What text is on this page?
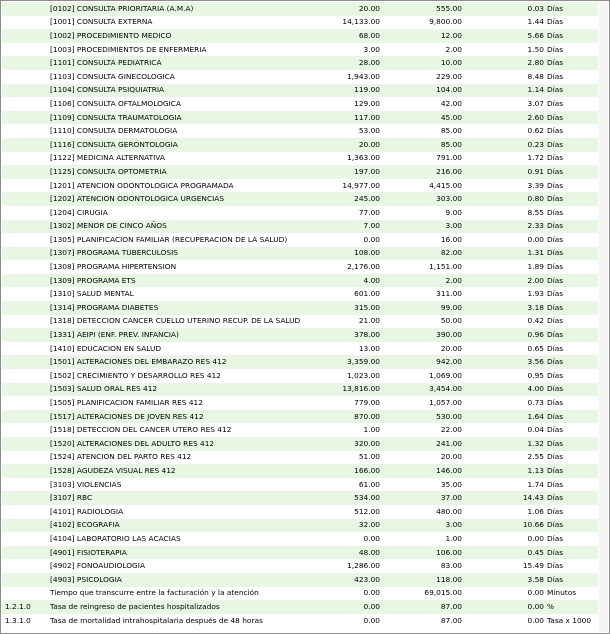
	[0102] CONSULTA PRIORITARIA (A.M.A)	20.00	555.00	0.03	Días
	[1001] CONSULTA EXTERNA	14,133.00	9,800.00	1.44	Días
	[1002] PROCEDIMIENTO MEDICO	68.00	12.00	5.66	Días
	[1003] PROCEDIMIENTOS DE ENFERMERIA	3.00	2.00	1.50	Días
	[1101] CONSULTA PEDIATRICA	28.00	10.00	2.80	Días
	[1103] CONSULTA GINECOLOGICA	1,943.00	229.00	8.48	Días
	[1104] CONSULTA PSIQUIATRIA	119.00	104.00	1.14	Días
	[1106] CONSULTA OFTALMOLOGICA	129.00	42.00	3.07	Días
	[1109] CONSULTA TRAUMATOLOGIA	117.00	45.00	2.60	Días
	[1110] CONSULTA DERMATOLOGIA	53.00	85.00	0.62	Días
	[1116] CONSULTA GERONTOLOGIA	20.00	85.00	0.23	Días
	[1122] MEDICINA ALTERNATIVA	1,363.00	791.00	1.72	Días
	[1125] CONSULTA OPTOMETRIA	197.00	216.00	0.91	Días
	[1201] ATENCION ODONTOLOGICA PROGRAMADA	14,977.00	4,415.00	3.39	Días
	[1202] ATENCION ODONTOLOGICA URGENCIAS	245.00	303.00	0.80	Días
	[1204] CIRUGIA	77.00	9.00	8.55	Días
	[1302] MENOR DE CINCO AÑOS	7.00	3.00	2.33	Días
	[1305] PLANIFICACION FAMILIAR (RECUPERACION DE LA SALUD)	0.00	16.00	0.00	Días
	[1307] PROGRAMA TUBERCULOSIS	108.00	82.00	1.31	Días
	[1308] PROGRAMA HIPERTENSION	2,176.00	1,151.00	1.89	Días
	[1309] PROGRAMA ETS	4.00	2.00	2.00	Días
	[1310] SALUD MENTAL	601.00	311.00	1.93	Días
	[1314] PROGRAMA DIABETES	315.00	99.00	3.18	Días
	[1318] DETECCION CANCER CUELLO UTERINO RECUP. DE LA SALUD	21.00	50.00	0.42	Días
	[1331] AEIPI (ENF. PREV. INFANCIA)	378.00	390.00	0.96	Días
	[1410] EDUCACION EN SALUD	13.00	20.00	0.65	Días
	[1501] ALTERACIONES DEL EMBARAZO RES 412	3,359.00	942.00	3.56	Días
	[1502] CRECIMIENTO Y DESARROLLO RES 412	1,023.00	1,069.00	0.95	Días
	[1503] SALUD ORAL RES 412	13,816.00	3,454.00	4.00	Días
	[1505] PLANIFICACION FAMILIAR RES 412	779.00	1,057.00	0.73	Días
	[1517] ALTERACIONES DE JOVEN RES 412	870.00	530.00	1.64	Días
	[1518] DETECCION DEL CANCER UTERO RES 412	1.00	22.00	0.04	Días
	[1520] ALTERACIONES DEL ADULTO RES 412	320.00	241.00	1.32	Días
	[1524] ATENCION DEL PARTO RES 412	51.00	20.00	2.55	Días
	[1528] AGUDEZA VISUAL RES 412	166.00	146.00	1.13	Días
	[3103] VIOLENCIAS	61.00	35.00	1.74	Días
	[3107] RBC	534.00	37.00	14.43	Días
	[4101] RADIOLOGIA	512.00	480.00	1.06	Días
	[4102] ECOGRAFIA	32.00	3.00	10.66	Días
	[4104] LABORATORIO LAS ACACIAS	0.00	1.00	0.00	Días
	[4901] FISIOTERAPIA	48.00	106.00	0.45	Días
	[4902] FONOAUDIOLOGIA	1,286.00	83.00	15.49	Días
	[4903] PSICOLOGIA	423.00	118.00	3.58	Días
	Tiempo que transcurre entre la facturación y la atención	0.00	69,015.00	0.00	Minutos
1.2.1.0	Tasa de reingreso de pacientes hospitalizados	0.00	87.00	0.00	%
1.3.1.0	Tasa de mortalidad intrahospitalaria después de 48 horas	0.00	87.00	0.00	Tasa x 1000
